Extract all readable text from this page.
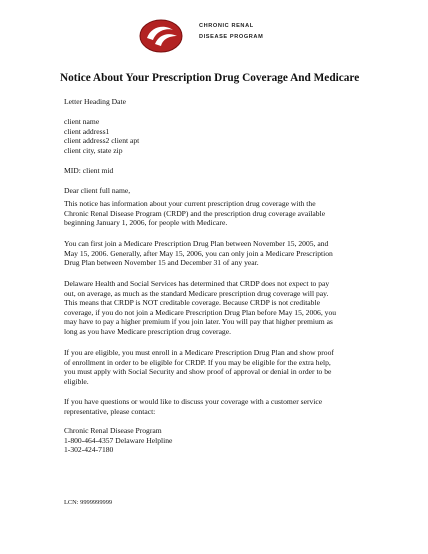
CHRONIC RENAL
DISEASE PROGRAM
Notice About Your Prescription Drug Coverage And Medicare
Letter Heading Date
client name
client address1
client address2 client apt
client city, state zip
MID: client mid
Dear client full name,
This notice has information about your current prescription drug coverage with the
Chronic Renal Disease Program (CRDP) and the prescription drug coverage available
beginning January 1, 2006, for people with Medicare.
You can first join a Medicare Prescription Drug Plan between November 15, 2005, and
May 15, 2006. Generally, after May 15, 2006, you can only join a Medicare Prescription
Drug Plan between November 15 and December 31 of any year.
Delaware Health and Social Services has determined that CRDP does not expect to pay
out, on average, as much as the standard Medicare prescription drug coverage will pay.
This means that CRDP is NOT creditable coverage. Because CRDP is not creditable
coverage, if you do not join a Medicare Prescription Drug Plan before May 15, 2006, you
may have to pay a higher premium if you join later. You will pay that higher premium as
long as you have Medicare prescription drug coverage.
If you are eligible, you must enroll in a Medicare Prescription Drug Plan and show proof
of enrollment in order to be eligible for CRDP. If you may be eligible for the extra help,
you must apply with Social Security and show proof of approval or denial in order to be
eligible.
If you have questions or would like to discuss your coverage with a customer service
representative, please contact:
Chronic Renal Disease Program
1-800-464-4357 Delaware Helpline
1-302-424-7180
LCN: 9999999999
